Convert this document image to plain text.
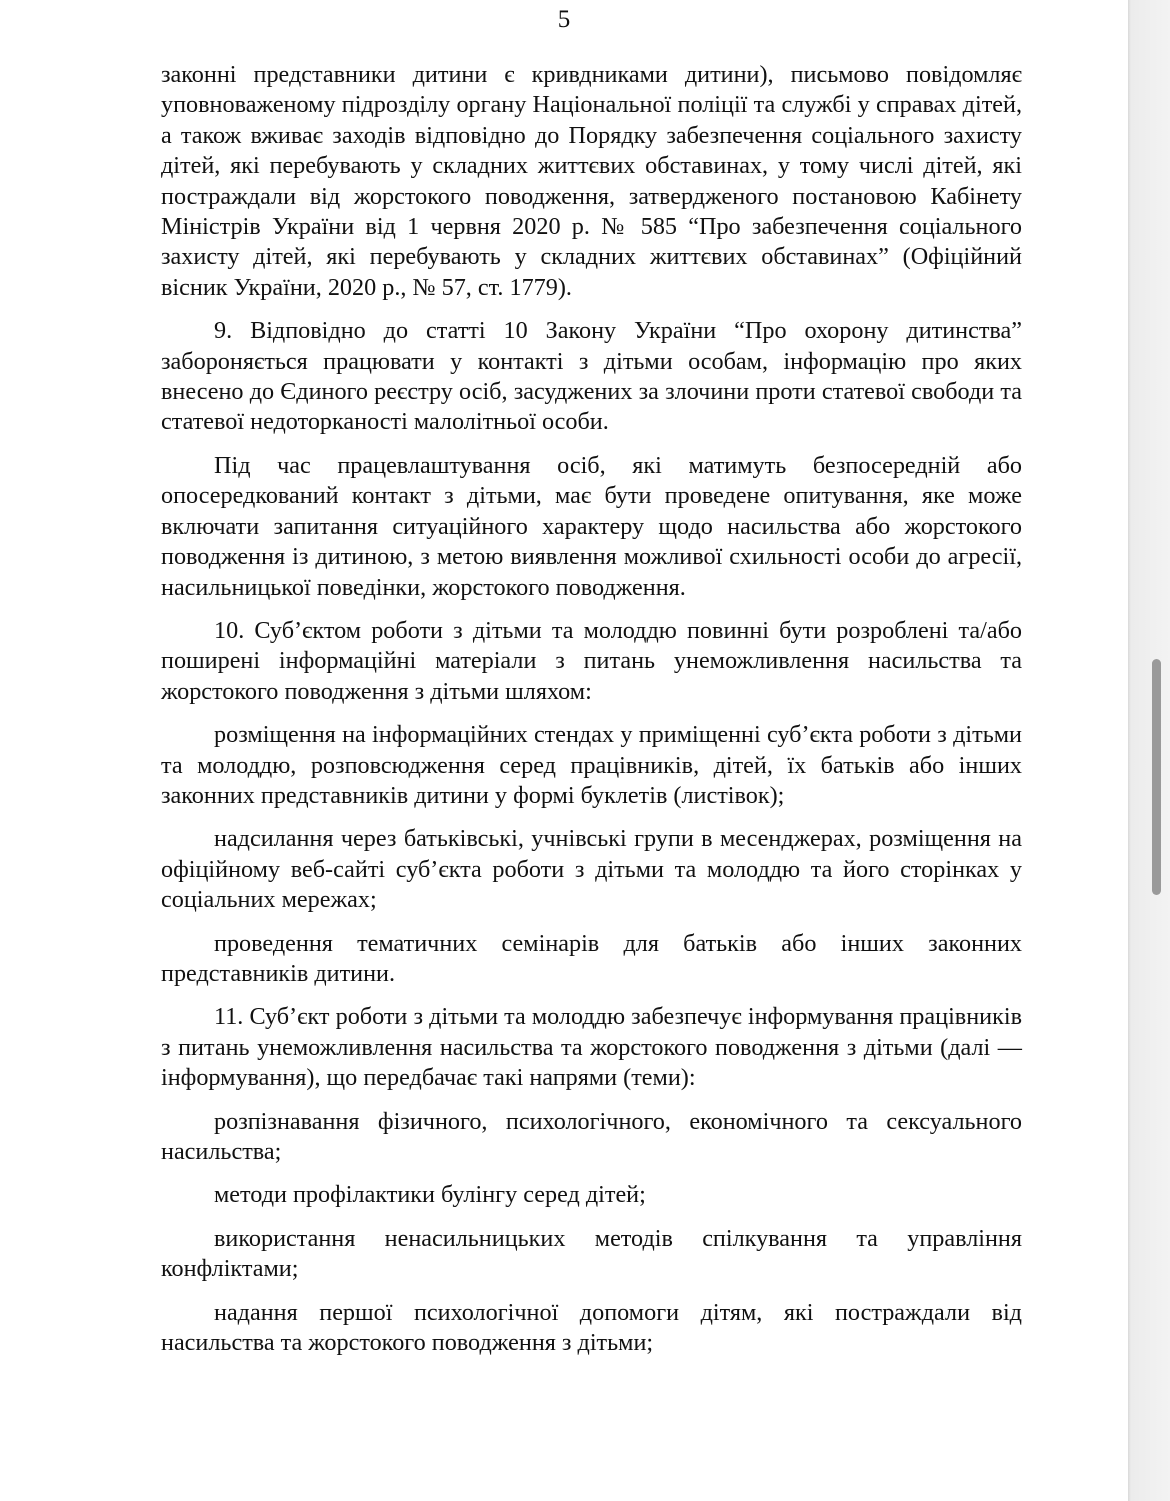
5

законні представники дитини є кривдниками дитини), письмово повідомляє уповноваженому підрозділу органу Національної поліції та службі у справах дітей, а також вживає заходів відповідно до Порядку забезпечення соціального захисту дітей, які перебувають у складних життєвих обставинах, у тому числі дітей, які постраждали від жорстокого поводження, затвердженого постановою Кабінету Міністрів України від 1 червня 2020 р. № 585 “Про забезпечення соціального захисту дітей, які перебувають у складних життєвих обставинах” (Офіційний вісник України, 2020 р., № 57, ст. 1779).

9. Відповідно до статті 10 Закону України “Про охорону дитинства” забороняється працювати у контакті з дітьми особам, інформацію про яких внесено до Єдиного реєстру осіб, засуджених за злочини проти статевої свободи та статевої недоторканості малолітньої особи.

Під час працевлаштування осіб, які матимуть безпосередній або опосередкований контакт з дітьми, має бути проведене опитування, яке може включати запитання ситуаційного характеру щодо насильства або жорстокого поводження із дитиною, з метою виявлення можливої схильності особи до агресії, насильницької поведінки, жорстокого поводження.

10. Суб’єктом роботи з дітьми та молоддю повинні бути розроблені та/або поширені інформаційні матеріали з питань унеможливлення насильства та жорстокого поводження з дітьми шляхом:

розміщення на інформаційних стендах у приміщенні суб’єкта роботи з дітьми та молоддю, розповсюдження серед працівників, дітей, їх батьків або інших законних представників дитини у формі буклетів (листівок);

надсилання через батьківські, учнівські групи в месенджерах, розміщення на офіційному веб-сайті суб’єкта роботи з дітьми та молоддю та його сторінках у соціальних мережах;

проведення тематичних семінарів для батьків або інших законних представників дитини.

11. Суб’єкт роботи з дітьми та молоддю забезпечує інформування працівників з питань унеможливлення насильства та жорстокого поводження з дітьми (далі — інформування), що передбачає такі напрями (теми):

розпізнавання фізичного, психологічного, економічного та сексуального насильства;

методи профілактики булінгу серед дітей;

використання ненасильницьких методів спілкування та управління конфліктами;

надання першої психологічної допомоги дітям, які постраждали від насильства та жорстокого поводження з дітьми;
